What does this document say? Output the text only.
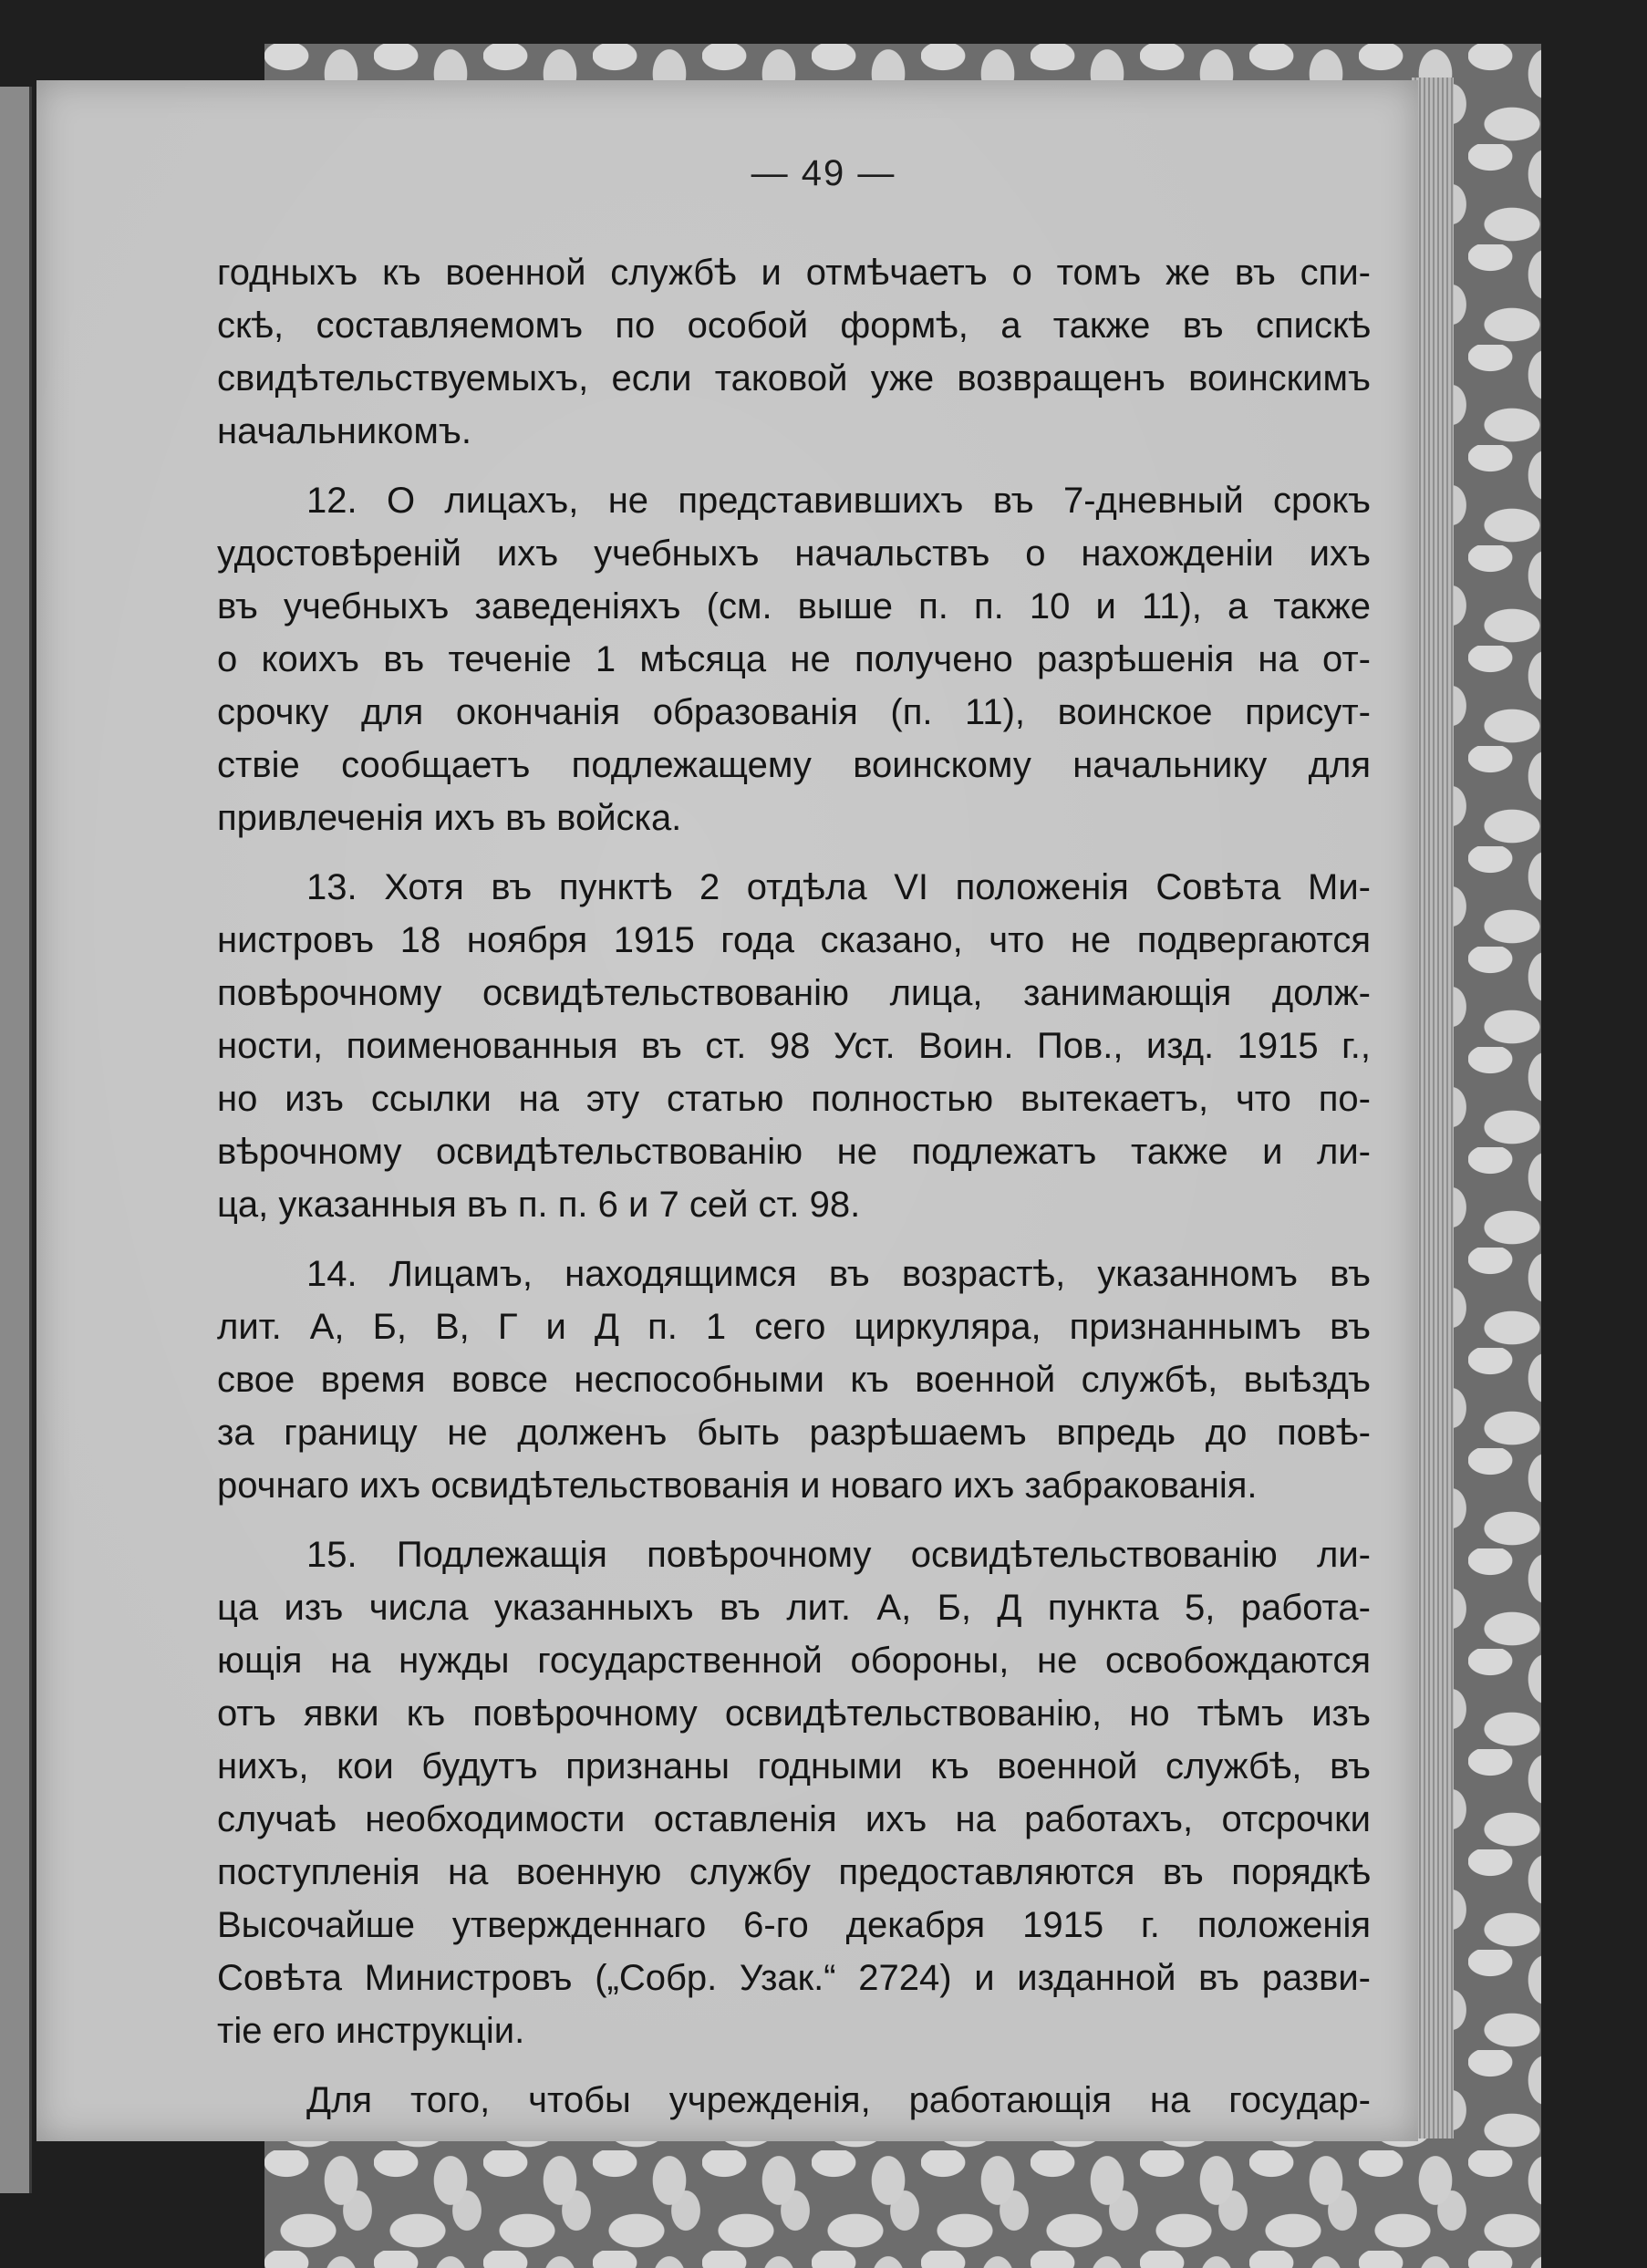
— 49 —
годныхъ къ военной службѣ и отмѣчаетъ о томъ же въ спи-
скѣ, составляемомъ по особой формѣ, а также въ спискѣ
свидѣтельствуемыхъ, если таковой уже возвращенъ воинскимъ
начальникомъ.
12. О лицахъ, не представившихъ въ 7-дневный срокъ
удостовѣреній ихъ учебныхъ начальствъ о нахожденіи ихъ
въ учебныхъ заведеніяхъ (см. выше п. п. 10 и 11), а также
о коихъ въ теченіе 1 мѣсяца не получено разрѣшенія на от-
срочку для окончанія образованія (п. 11), воинское присут-
ствіе сообщаетъ подлежащему воинскому начальнику для
привлеченія ихъ въ войска.
13. Хотя въ пунктѣ 2 отдѣла VI положенія Совѣта Ми-
нистровъ 18 ноября 1915 года сказано, что не подвергаются
повѣрочному освидѣтельствованію лица, занимающія долж-
ности, поименованныя въ ст. 98 Уст. Воин. Пов., изд. 1915 г.,
но изъ ссылки на эту статью полностью вытекаетъ, что по-
вѣрочному освидѣтельствованію не подлежатъ также и ли-
ца, указанныя въ п. п. 6 и 7 сей ст. 98.
14. Лицамъ, находящимся въ возрастѣ, указанномъ въ
лит. А, Б, В, Г и Д п. 1 сего циркуляра, признаннымъ въ
свое время вовсе неспособными къ военной службѣ, выѣздъ
за границу не долженъ быть разрѣшаемъ впредь до повѣ-
рочнаго ихъ освидѣтельствованія и новаго ихъ забракованія.
15. Подлежащія повѣрочному освидѣтельствованію ли-
ца изъ числа указанныхъ въ лит. А, Б, Д пункта 5, работа-
ющія на нужды государственной обороны, не освобождаются
отъ явки къ повѣрочному освидѣтельствованію, но тѣмъ изъ
нихъ, кои будутъ признаны годными къ военной службѣ, въ
случаѣ необходимости оставленія ихъ на работахъ, отсрочки
поступленія на военную службу предоставляются въ порядкѣ
Высочайше утвержденнаго 6-го декабря 1915 г. положенія
Совѣта Министровъ („Собр. Узак.“ 2724) и изданной въ разви-
тіе его инструкціи.
Для того, чтобы учрежденія, работающія на государ-
